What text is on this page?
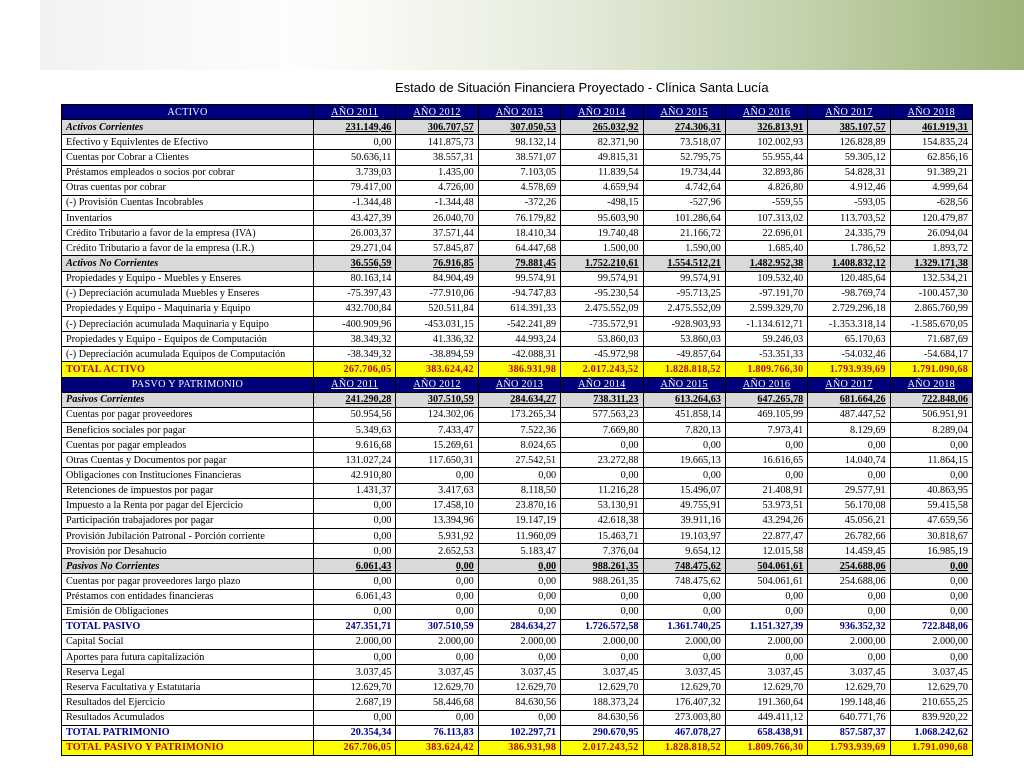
Estado de Situación Financiera Proyectado - Clínica Santa Lucía
ACTIVO	AÑO 2011	AÑO 2012	AÑO 2013	AÑO 2014	AÑO 2015	AÑO 2016	AÑO 2017	AÑO 2018
Activos Corrientes	231.149,46	306.707,57	307.050,53	265.032,92	274.306,31	326.813,91	385.107,57	461.919,31
Efectivo y Equivlentes de Efectivo	0,00	141.875,73	98.132,14	82.371,90	73.518,07	102.002,93	126.828,89	154.835,24
Cuentas por Cobrar a Clientes	50.636,11	38.557,31	38.571,07	49.815,31	52.795,75	55.955,44	59.305,12	62.856,16
Préstamos empleados o socios por cobrar	3.739,03	1.435,00	7.103,05	11.839,54	19.734,44	32.893,86	54.828,31	91.389,21
Otras cuentas por cobrar	79.417,00	4.726,00	4.578,69	4.659,94	4.742,64	4.826,80	4.912,46	4.999,64
(-) Provisión Cuentas Incobrables	-1.344,48	-1.344,48	-372,26	-498,15	-527,96	-559,55	-593,05	-628,56
Inventarios	43.427,39	26.040,70	76.179,82	95.603,90	101.286,64	107.313,02	113.703,52	120.479,87
Crédito Tributario a favor de la empresa (IVA)	26.003,37	37.571,44	18.410,34	19.740,48	21.166,72	22.696,01	24.335,79	26.094,04
Crédito Tributario a favor de la empresa (I.R.)	29.271,04	57.845,87	64.447,68	1.500,00	1.590,00	1.685,40	1.786,52	1.893,72
Activos No Corrientes	36.556,59	76.916,85	79.881,45	1.752.210,61	1.554.512,21	1.482.952,38	1.408.832,12	1.329.171,38
Propiedades y Equipo - Muebles y Enseres	80.163,14	84.904,49	99.574,91	99.574,91	99.574,91	109.532,40	120.485,64	132.534,21
(-) Depreciación acumulada Muebles y Enseres	-75.397,43	-77.910,06	-94.747,83	-95.230,54	-95.713,25	-97.191,70	-98.769,74	-100.457,30
Propiedades y Equipo - Maquinaria y Equipo	432.700,84	520.511,84	614.391,33	2.475.552,09	2.475.552,09	2.599.329,70	2.729.296,18	2.865.760,99
(-) Depreciación acumulada Maquinaria y Equipo	-400.909,96	-453.031,15	-542.241,89	-735.572,91	-928.903,93	-1.134.612,71	-1.353.318,14	-1.585.670,05
Propiedades y Equipo - Equipos de Computación	38.349,32	41.336,32	44.993,24	53.860,03	53.860,03	59.246,03	65.170,63	71.687,69
(-) Depreciación acumulada Equipos de Computación	-38.349,32	-38.894,59	-42.088,31	-45.972,98	-49.857,64	-53.351,33	-54.032,46	-54.684,17
TOTAL ACTIVO	267.706,05	383.624,42	386.931,98	2.017.243,52	1.828.818,52	1.809.766,30	1.793.939,69	1.791.090,68
PASVO Y PATRIMONIO	AÑO 2011	AÑO 2012	AÑO 2013	AÑO 2014	AÑO 2015	AÑO 2016	AÑO 2017	AÑO 2018
Pasivos Corrientes	241.290,28	307.510,59	284.634,27	738.311,23	613.264,63	647.265,78	681.664,26	722.848,06
Cuentas por pagar proveedores	50.954,56	124.302,06	173.265,34	577.563,23	451.858,14	469.105,99	487.447,52	506.951,91
Beneficios sociales por pagar	5.349,63	7.433,47	7.522,36	7.669,80	7.820,13	7.973,41	8.129,69	8.289,04
Cuentas por pagar empleados	9.616,68	15.269,61	8.024,65	0,00	0,00	0,00	0,00	0,00
Otras Cuentas y Documentos por pagar	131.027,24	117.650,31	27.542,51	23.272,88	19.665,13	16.616,65	14.040,74	11.864,15
Obligaciones con Instituciones Financieras	42.910,80	0,00	0,00	0,00	0,00	0,00	0,00	0,00
Retenciones de impuestos por pagar	1.431,37	3.417,63	8.118,50	11.216,28	15.496,07	21.408,91	29.577,91	40.863,95
Impuesto a la Renta por pagar del Ejercicio	0,00	17.458,10	23.870,16	53.130,91	49.755,91	53.973,51	56.170,08	59.415,58
Participación trabajadores por pagar	0,00	13.394,96	19.147,19	42.618,38	39.911,16	43.294,26	45.056,21	47.659,56
Provisión Jubilación Patronal - Porción corriente	0,00	5.931,92	11.960,09	15.463,71	19.103,97	22.877,47	26.782,66	30.818,67
Provisión por Desahucio	0,00	2.652,53	5.183,47	7.376,04	9.654,12	12.015,58	14.459,45	16.985,19
Pasivos No Corrientes	6.061,43	0,00	0,00	988.261,35	748.475,62	504.061,61	254.688,06	0,00
Cuentas por pagar proveedores largo plazo	0,00	0,00	0,00	988.261,35	748.475,62	504.061,61	254.688,06	0,00
Préstamos con entidades financieras	6.061,43	0,00	0,00	0,00	0,00	0,00	0,00	0,00
Emisión de Obligaciones	0,00	0,00	0,00	0,00	0,00	0,00	0,00	0,00
TOTAL PASIVO	247.351,71	307.510,59	284.634,27	1.726.572,58	1.361.740,25	1.151.327,39	936.352,32	722.848,06
Capital Social	2.000,00	2.000,00	2.000,00	2.000,00	2.000,00	2.000,00	2.000,00	2.000,00
Aportes para futura capitalización	0,00	0,00	0,00	0,00	0,00	0,00	0,00	0,00
Reserva Legal	3.037,45	3.037,45	3.037,45	3.037,45	3.037,45	3.037,45	3.037,45	3.037,45
Reserva Facultativa y Estatutaria	12.629,70	12.629,70	12.629,70	12.629,70	12.629,70	12.629,70	12.629,70	12.629,70
Resultados del Ejercicio	2.687,19	58.446,68	84.630,56	188.373,24	176.407,32	191.360,64	199.148,46	210.655,25
Resultados Acumulados	0,00	0,00	0,00	84.630,56	273.003,80	449.411,12	640.771,76	839.920,22
TOTAL PATRIMONIO	20.354,34	76.113,83	102.297,71	290.670,95	467.078,27	658.438,91	857.587,37	1.068.242,62
TOTAL PASIVO Y PATRIMONIO	267.706,05	383.624,42	386.931,98	2.017.243,52	1.828.818,52	1.809.766,30	1.793.939,69	1.791.090,68
